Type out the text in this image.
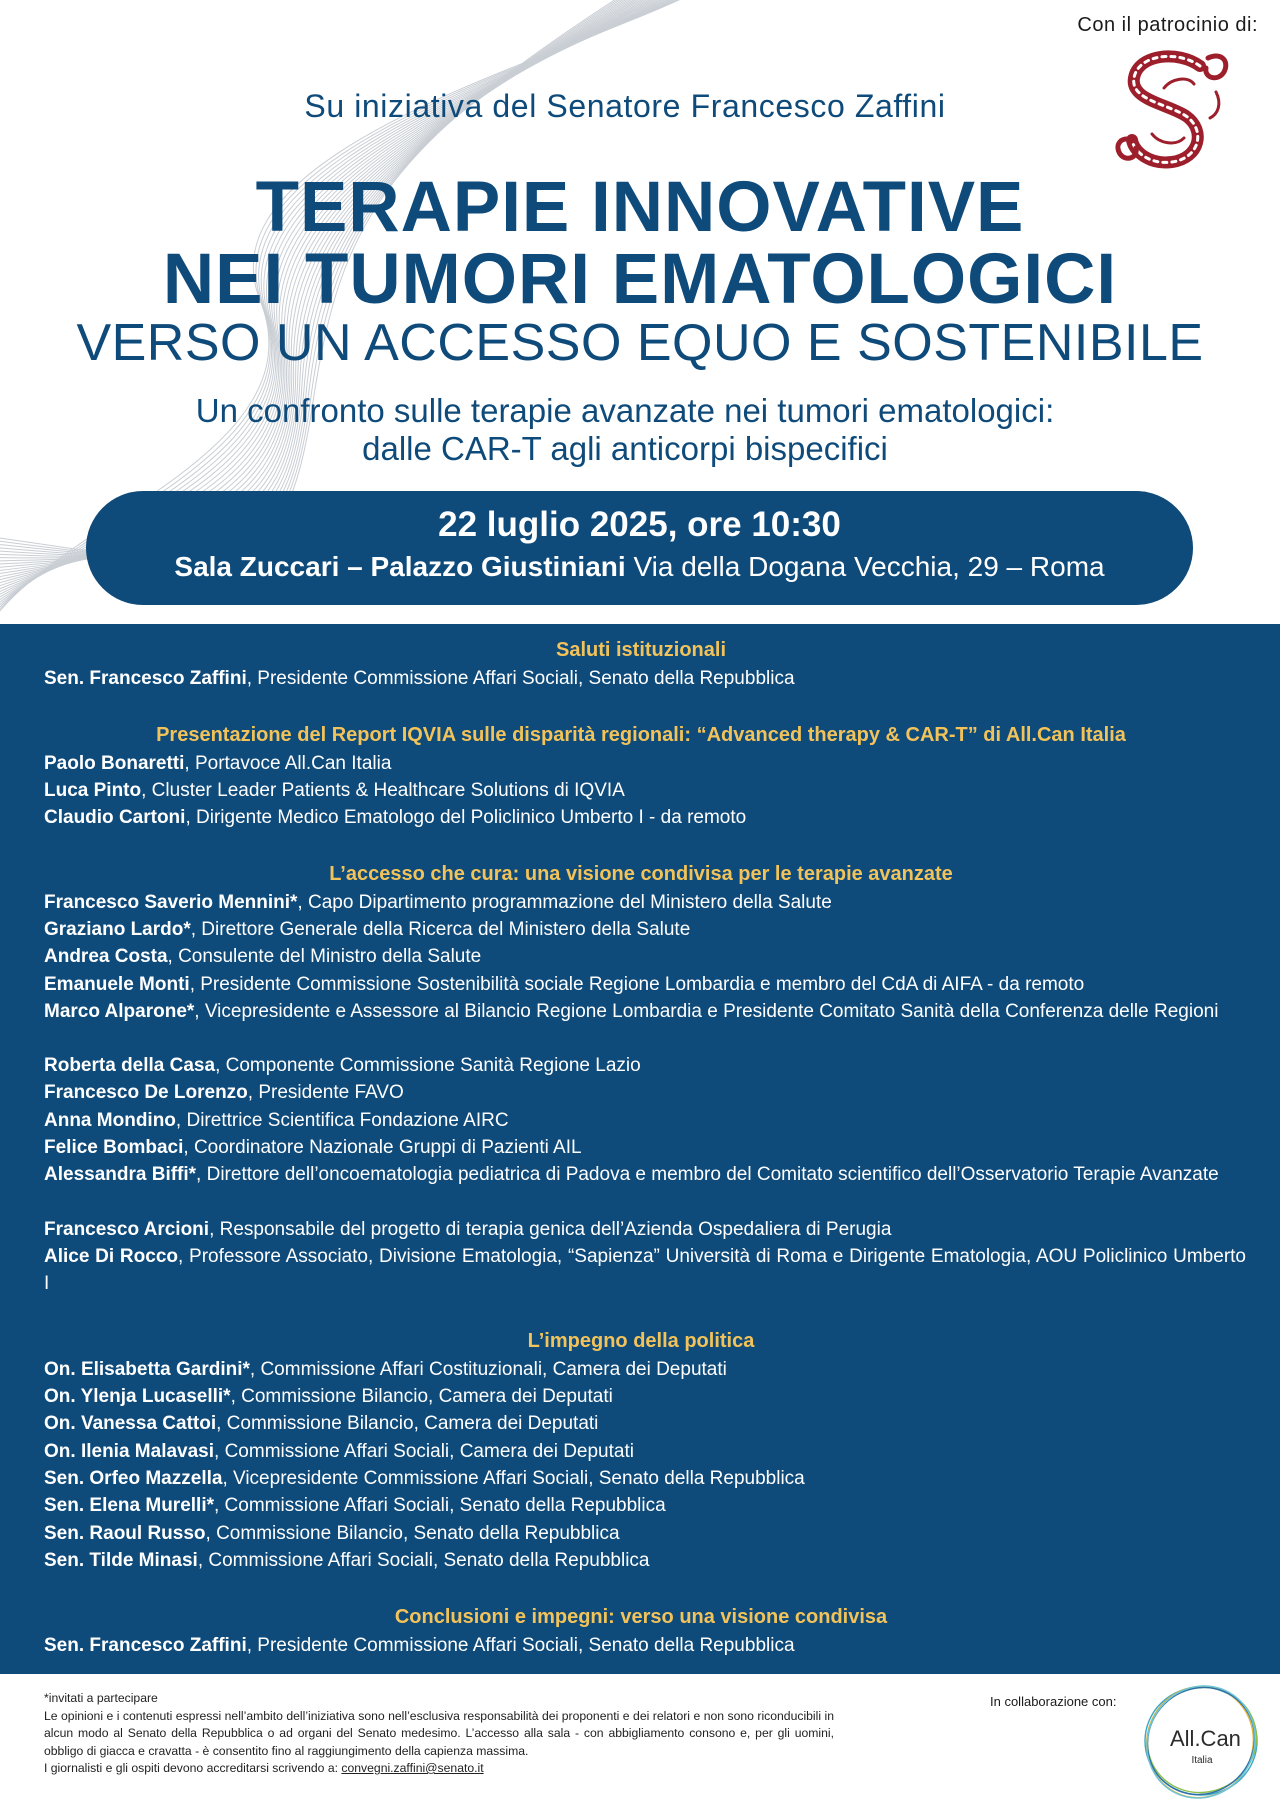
Con il patrocinio di:
Su iniziativa del Senatore Francesco Zaffini
TERAPIE INNOVATIVE
NEI TUMORI EMATOLOGICI
VERSO UN ACCESSO EQUO E SOSTENIBILE
Un confronto sulle terapie avanzate nei tumori ematologici:
dalle CAR-T agli anticorpi bispecifici
22 luglio 2025, ore 10:30
Sala Zuccari – Palazzo Giustiniani Via della Dogana Vecchia, 29 – Roma
Saluti istituzionali
Sen. Francesco Zaffini, Presidente Commissione Affari Sociali, Senato della Repubblica
Presentazione del Report IQVIA sulle disparità regionali: “Advanced therapy & CAR-T” di All.Can Italia
Paolo Bonaretti, Portavoce All.Can Italia
Luca Pinto, Cluster Leader Patients & Healthcare Solutions di IQVIA
Claudio Cartoni, Dirigente Medico Ematologo del Policlinico Umberto I - da remoto
L’accesso che cura: una visione condivisa per le terapie avanzate
Francesco Saverio Mennini*, Capo Dipartimento programmazione del Ministero della Salute
Graziano Lardo*, Direttore Generale della Ricerca del Ministero della Salute
Andrea Costa, Consulente del Ministro della Salute
Emanuele Monti, Presidente Commissione Sostenibilità sociale Regione Lombardia e membro del CdA di AIFA - da remoto
Marco Alparone*, Vicepresidente e Assessore al Bilancio Regione Lombardia e Presidente Comitato Sanità della Conferenza delle Regioni
Roberta della Casa, Componente Commissione Sanità Regione Lazio
Francesco De Lorenzo, Presidente FAVO
Anna Mondino, Direttrice Scientifica Fondazione AIRC
Felice Bombaci, Coordinatore Nazionale Gruppi di Pazienti AIL
Alessandra Biffi*, Direttore dell’oncoematologia pediatrica di Padova e membro del Comitato scientifico dell’Osservatorio Terapie Avanzate
Francesco Arcioni, Responsabile del progetto di terapia genica dell’Azienda Ospedaliera di Perugia
Alice Di Rocco, Professore Associato, Divisione Ematologia, “Sapienza” Università di Roma e Dirigente Ematologia, AOU Policlinico Umberto I
L’impegno della politica
On. Elisabetta Gardini*, Commissione Affari Costituzionali, Camera dei Deputati
On. Ylenja Lucaselli*, Commissione Bilancio, Camera dei Deputati
On. Vanessa Cattoi, Commissione Bilancio, Camera dei Deputati
On. Ilenia Malavasi, Commissione Affari Sociali, Camera dei Deputati
Sen. Orfeo Mazzella, Vicepresidente Commissione Affari Sociali, Senato della Repubblica
Sen. Elena Murelli*, Commissione Affari Sociali, Senato della Repubblica
Sen. Raoul Russo, Commissione Bilancio, Senato della Repubblica
Sen. Tilde Minasi, Commissione Affari Sociali, Senato della Repubblica
Conclusioni e impegni: verso una visione condivisa
Sen. Francesco Zaffini, Presidente Commissione Affari Sociali, Senato della Repubblica
*invitati a partecipare
Le opinioni e i contenuti espressi nell’ambito dell’iniziativa sono nell’esclusiva responsabilità dei proponenti e dei relatori e non sono riconducibili in alcun modo al Senato della Repubblica o ad organi del Senato medesimo. L’accesso alla sala - con abbigliamento consono e, per gli uomini, obbligo di giacca e cravatta - è consentito fino al raggiungimento della capienza massima.
I giornalisti e gli ospiti devono accreditarsi scrivendo a: convegni.zaffini@senato.it
In collaborazione con:
All.Can
Italia
